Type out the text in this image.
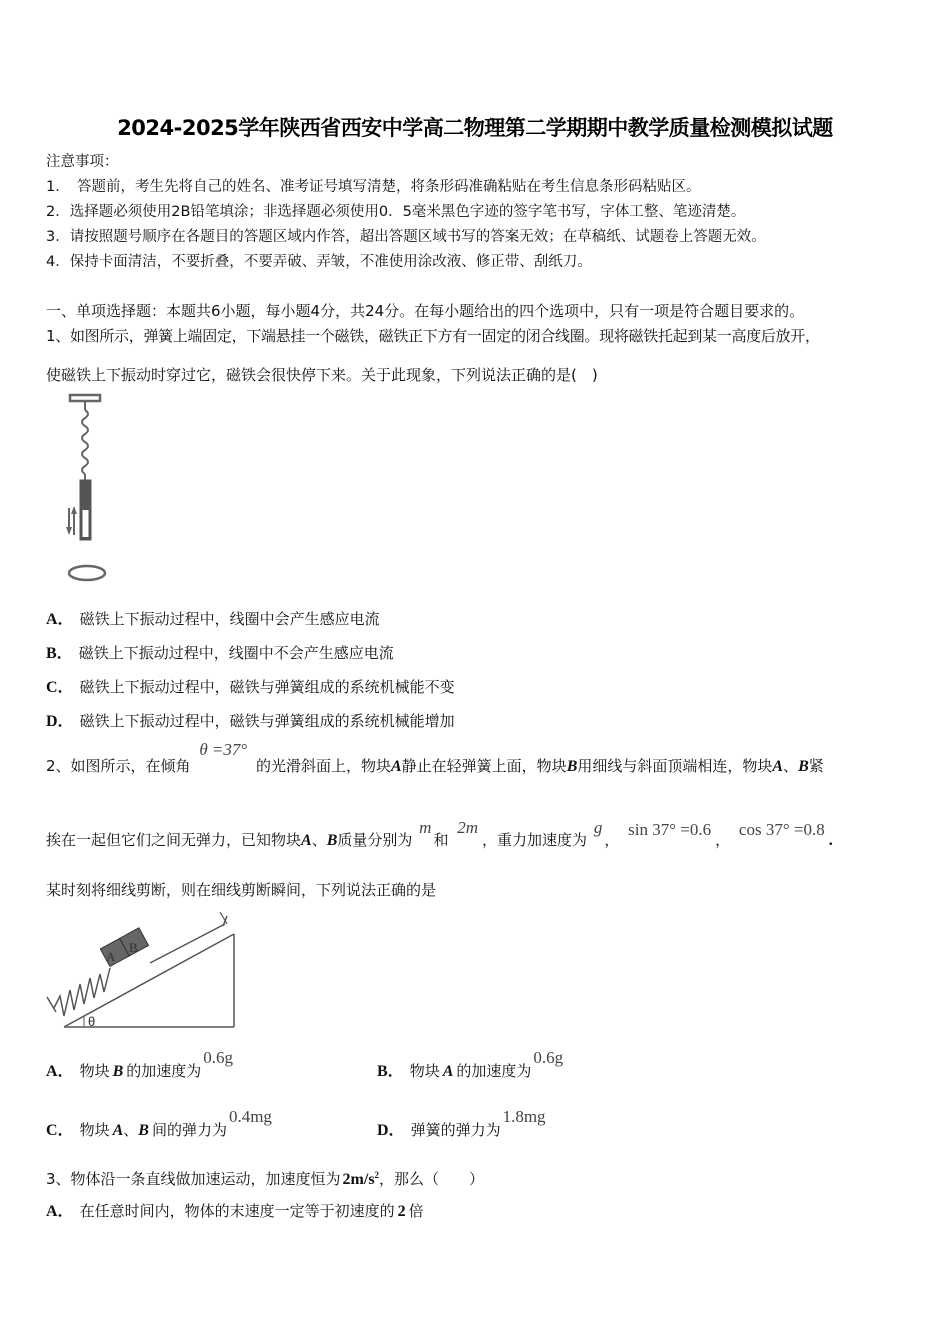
2024-2025学年陕西省西安中学高二物理第二学期期中教学质量检测模拟试题
注意事项：
1．　答题前，考生先将自己的姓名、准考证号填写清楚，将条形码准确粘贴在考生信息条形码粘贴区。
2．选择题必须使用2B铅笔填涂；非选择题必须使用0．5毫米黑色字迹的签字笔书写，字体工整、笔迹清楚。
3．请按照题号顺序在各题目的答题区域内作答，超出答题区域书写的答案无效；在草稿纸、试题卷上答题无效。
4．保持卡面清洁，不要折叠，不要弄破、弄皱，不准使用涂改液、修正带、刮纸刀。
一、单项选择题：本题共6小题，每小题4分，共24分。在每小题给出的四个选项中，只有一项是符合题目要求的。
1、如图所示，弹簧上端固定，下端悬挂一个磁铁，磁铁正下方有一固定的闭合线圈。现将磁铁托起到某一高度后放开，
使磁铁上下振动时穿过它，磁铁会很快停下来。关于此现象，下列说法正确的是(　)
A． 磁铁上下振动过程中，线圈中会产生感应电流
B． 磁铁上下振动过程中，线圈中不会产生感应电流
C． 磁铁上下振动过程中，磁铁与弹簧组成的系统机械能不变
D． 磁铁上下振动过程中，磁铁与弹簧组成的系统机械能增加
2、如图所示，在倾角 θ =37° 的光滑斜面上，物块A静止在轻弹簧上面，物块B用细线与斜面顶端相连，物块A、B紧
挨在一起但它们之间无弹力，已知物块A、B质量分别为 m和 2m，重力加速度为 g， sin 37° =0.6， cos 37° =0.8.
某时刻将细线剪断，则在细线剪断瞬间，下列说法正确的是
A
B
θ
A． 物块 B 的加速度为0.6g
B． 物块 A 的加速度为0.6g
C． 物块 A、B 间的弹力为0.4mg
D． 弹簧的弹力为1.8mg
3、物体沿一条直线做加速运动，加速度恒为 $2m/s^2$，那么（　　）
A． 在任意时间内，物体的末速度一定等于初速度的 2 倍
